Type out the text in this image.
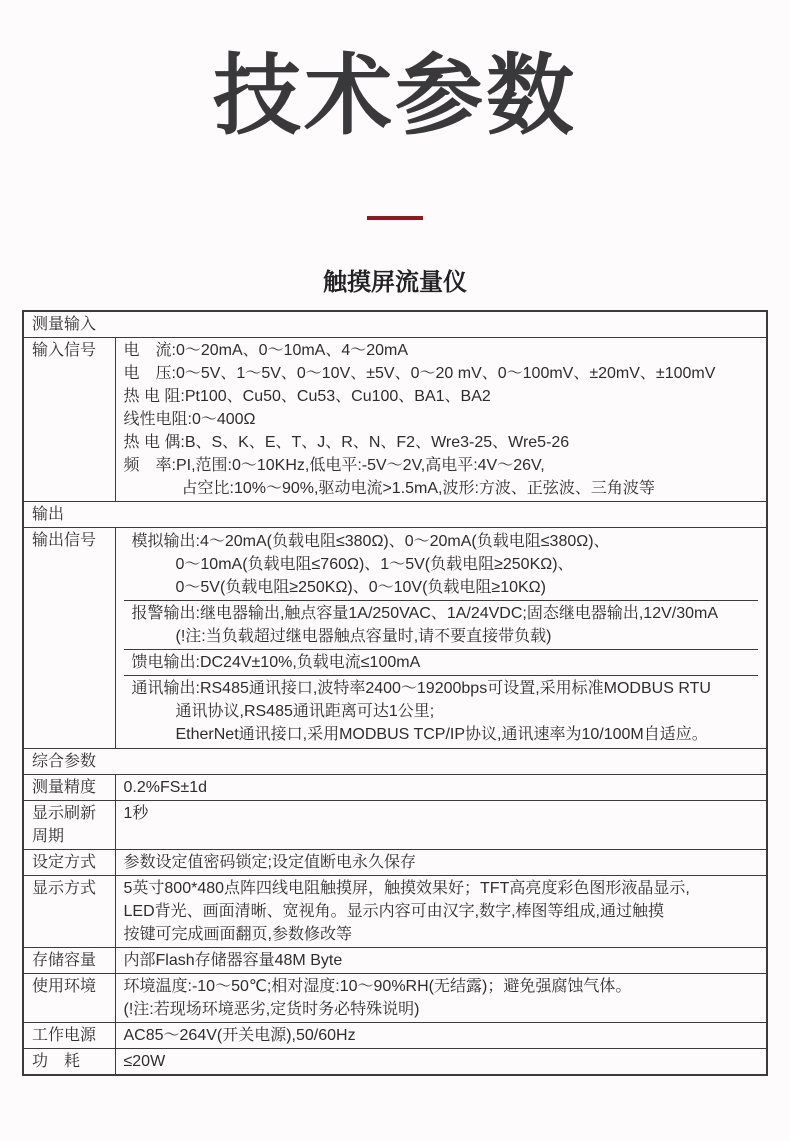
技术参数
触摸屏流量仪
测量输入	
输入信号	电　流:0～20mA、0～10mA、4～20mA
电　压:0～5V、1～5V、0～10V、±5V、0～20 mV、0～100mV、±20mV、±100mV
热 电 阻:Pt100、Cu50、Cu53、Cu100、BA1、BA2
线性电阻:0～400Ω
热 电 偶:B、S、K、E、T、J、R、N、F2、Wre3-25、Wre5-26
频　率:PI,范围:0～10KHz,低电平:-5V～2V,高电平:4V～26V,
占空比:10%～90%,驱动电流>1.5mA,波形:方波、正弦波、三角波等

输出	
输出信号	模拟输出:4～20mA(负载电阻≤380Ω)、0～20mA(负载电阻≤380Ω)、
0～10mA(负载电阻≤760Ω)、1～5V(负载电阻≥250KΩ)、
0～5V(负载电阻≥250KΩ)、0～10V(负载电阻≥10KΩ)
报警输出:继电器输出,触点容量1A/250VAC、1A/24VDC;固态继电器输出,12V/30mA
(!注:当负载超过继电器触点容量时,请不要直接带负载)
馈电输出:DC24V±10%,负载电流≤100mA
通讯输出:RS485通讯接口,波特率2400～19200bps可设置,采用标准MODBUS RTU
通讯协议,RS485通讯距离可达1公里;
EtherNet通讯接口,采用MODBUS TCP/IP协议,通讯速率为10/100M自适应。

综合参数	
测量精度	0.2%FS±1d

显示刷新
周期	1秒

设定方式	参数设定值密码锁定;设定值断电永久保存

显示方式	5英寸800*480点阵四线电阻触摸屏，触摸效果好；TFT高亮度彩色图形液晶显示,
LED背光、画面清晰、宽视角。显示内容可由汉字,数字,棒图等组成,通过触摸
按键可完成画面翻页,参数修改等

存储容量	内部Flash存储器容量48M Byte

使用环境	环境温度:-10～50℃;相对湿度:10～90%RH(无结露)；避免强腐蚀气体。
(!注:若现场环境恶劣,定货时务必特殊说明)

工作电源	AC85～264V(开关电源),50/60Hz

功　耗	≤20W
